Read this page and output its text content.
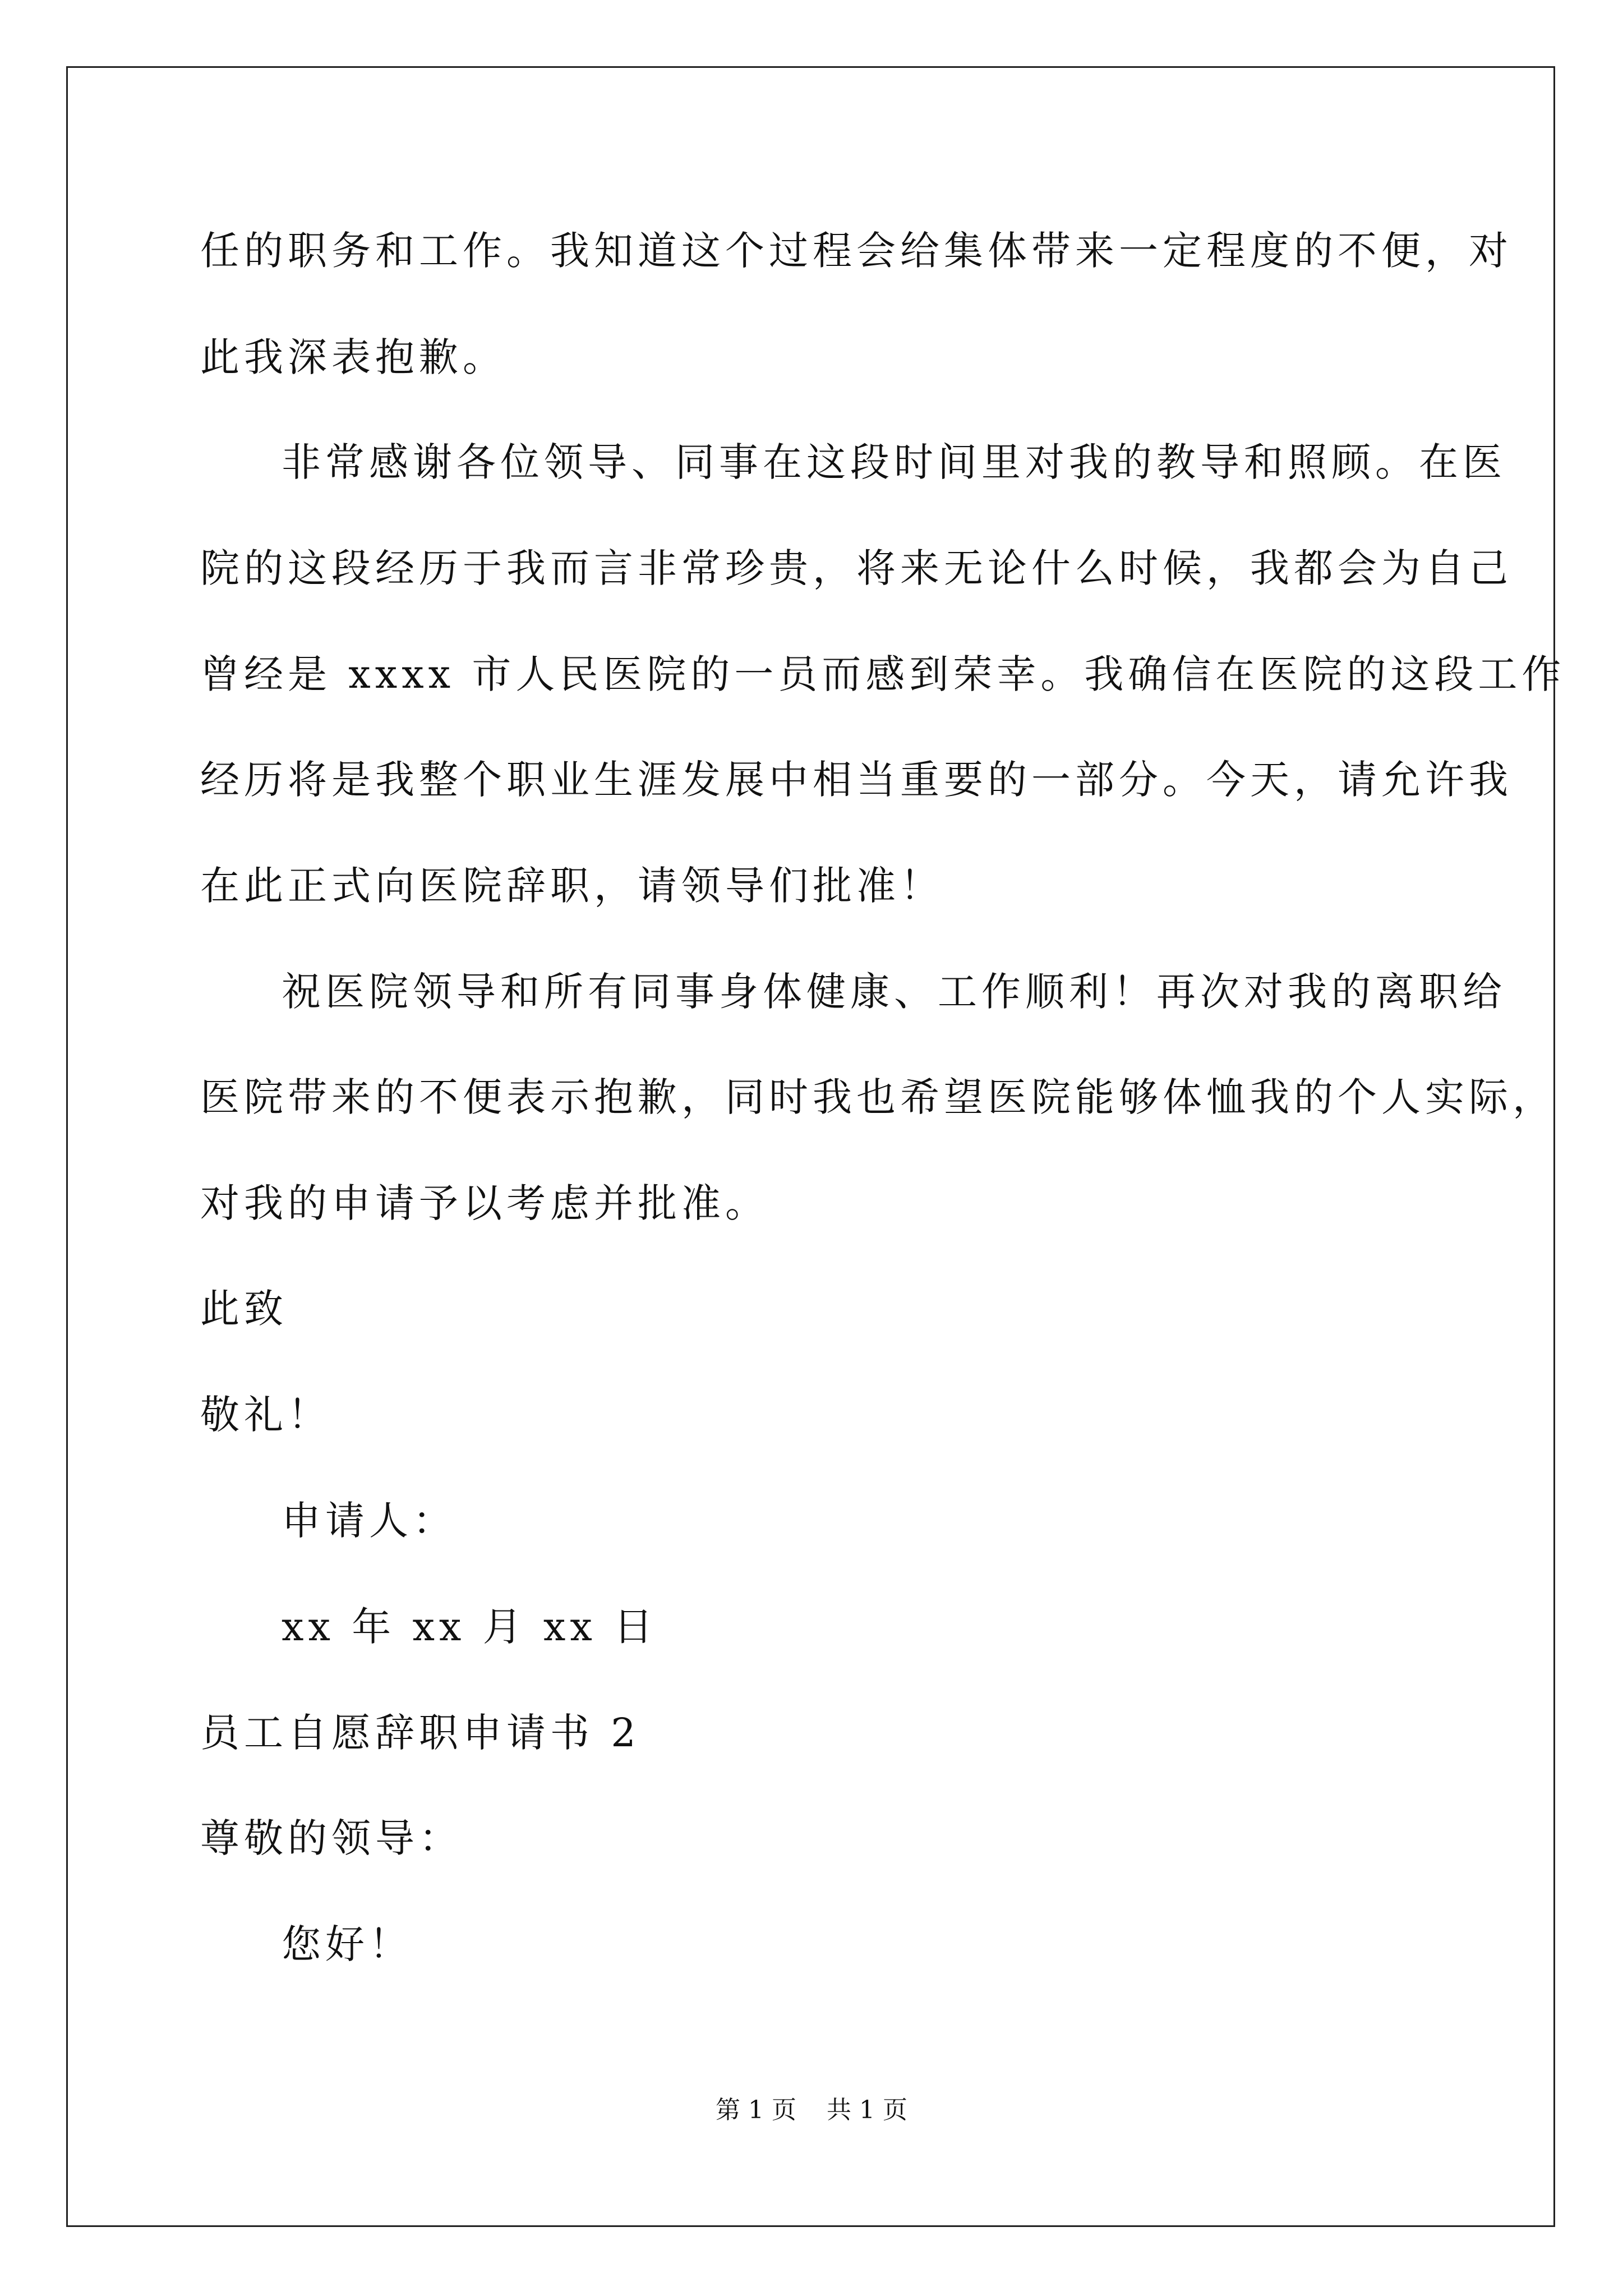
任的职务和工作。我知道这个过程会给集体带来一定程度的不便，对
此我深表抱歉。
非常感谢各位领导、同事在这段时间里对我的教导和照顾。在医
院的这段经历于我而言非常珍贵，将来无论什么时候，我都会为自己
曾经是 xxxx 市人民医院的一员而感到荣幸。我确信在医院的这段工作
经历将是我整个职业生涯发展中相当重要的一部分。今天，请允许我
在此正式向医院辞职，请领导们批准！
祝医院领导和所有同事身体健康、工作顺利！再次对我的离职给
医院带来的不便表示抱歉，同时我也希望医院能够体恤我的个人实际，
对我的申请予以考虑并批准。
此致
敬礼！
申请人：
xx 年 xx 月 xx 日
员工自愿辞职申请书 2
尊敬的领导：
您好！
第 1 页 共 1 页
